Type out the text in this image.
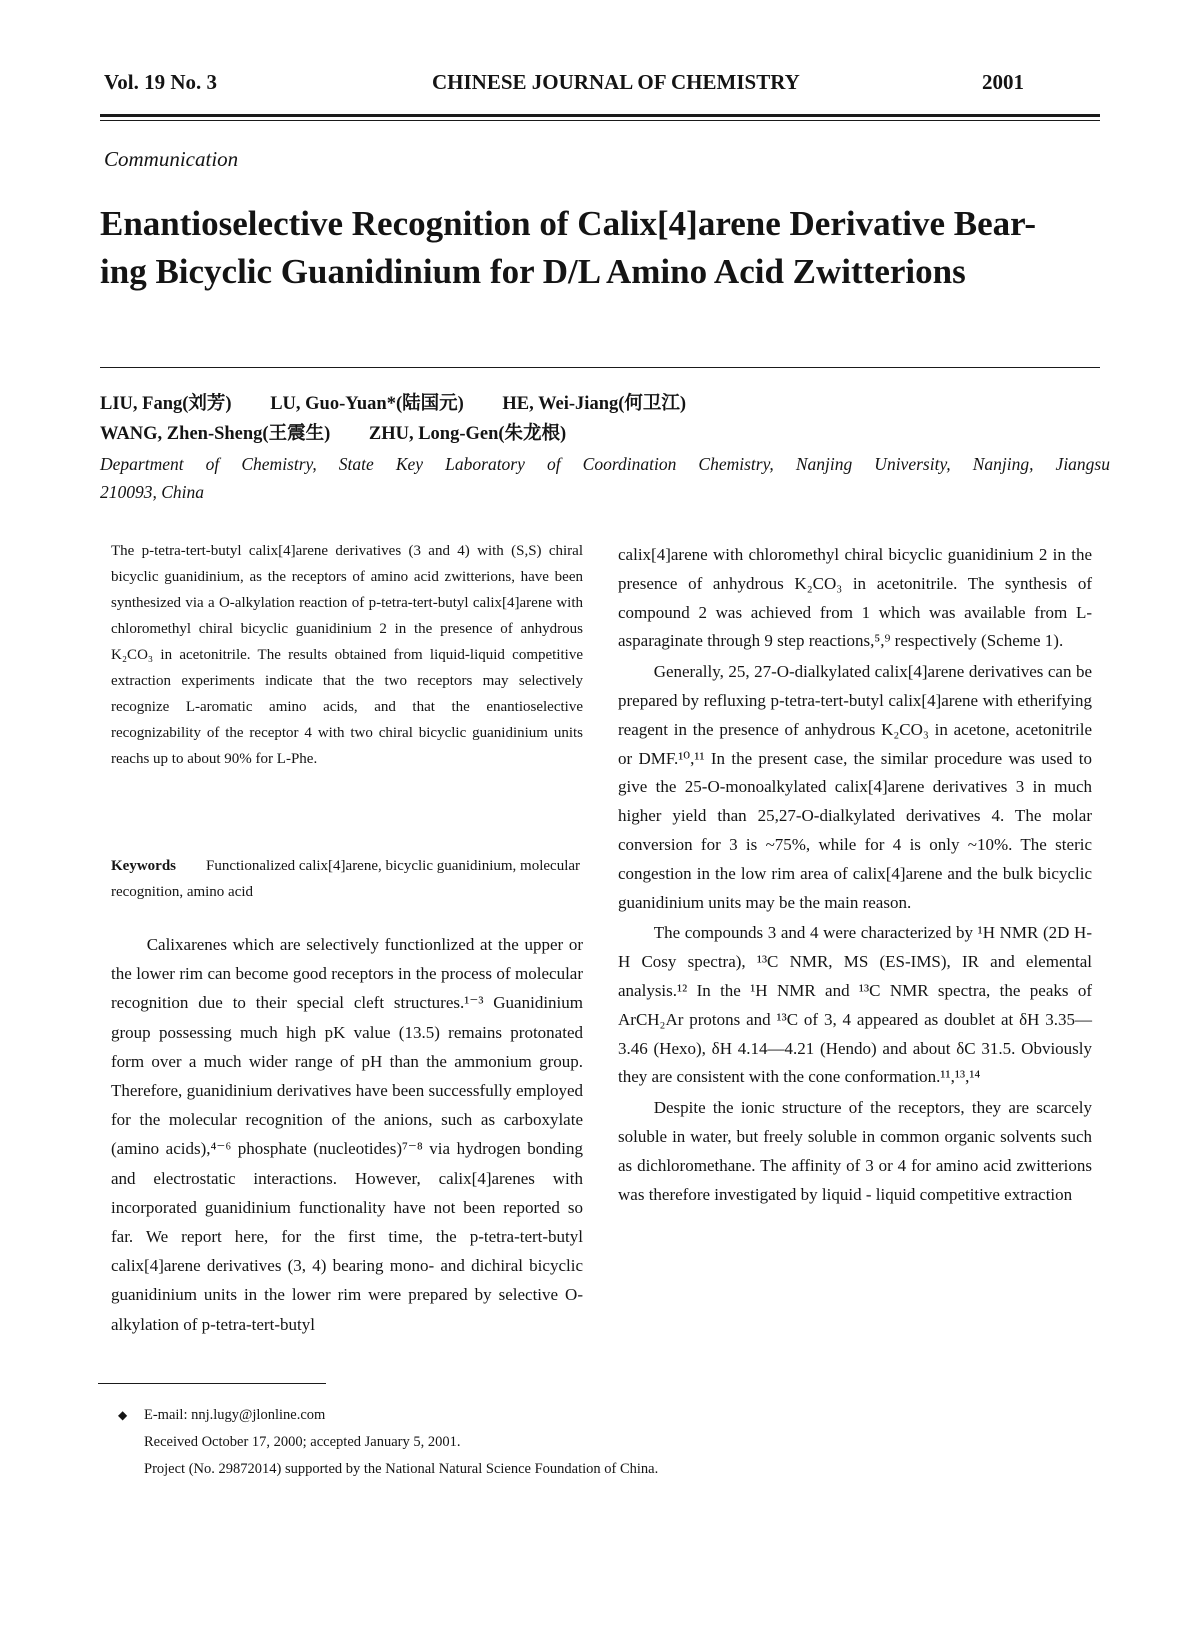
Vol. 19 No. 3	CHINESE JOURNAL OF CHEMISTRY	2001
Communication

Enantioselective Recognition of Calix[4]arene Derivative Bear-

ing Bicyclic Guanidinium for D/L Amino Acid Zwitterions

LIU, Fang(刘芳) LU, Guo-Yuan*(陆国元) HE, Wei-Jiang(何卫江)
WANG, Zhen-Sheng(王震生) ZHU, Long-Gen(朱龙根)

Department of Chemistry, State Key Laboratory of Coordination Chemistry, Nanjing University, Nanjing, Jiangsu

210093, China

The p-tetra-tert-butyl calix[4]arene derivatives (3 and 4) with (S,S) chiral bicyclic guanidinium, as the receptors of amino acid zwitterions, have been synthesized via a O-alkylation reaction of p-tetra-tert-butyl calix[4]arene with chloromethyl chiral bicyclic guanidinium 2 in the presence of anhydrous K₂CO₃ in acetonitrile. The results obtained from liquid-liquid competitive extraction experiments indicate that the two receptors may selectively recognize L-aromatic amino acids, and that the enantioselective recognizability of the receptor 4 with two chiral bicyclic guanidinium units reachs up to about 90% for L-Phe.
Keywords Functionalized calix[4]arene, bicyclic guanidinium, molecular recognition, amino acid

Calixarenes which are selectively functionlized at the upper or the lower rim can become good receptors in the process of molecular recognition due to their special cleft structures.¹⁻³ Guanidinium group possessing much high pK value (13.5) remains protonated form over a much wider range of pH than the ammonium group. Therefore, guanidinium derivatives have been successfully employed for the molecular recognition of the anions, such as carboxylate (amino acids),⁴⁻⁶ phosphate (nucleotides)⁷⁻⁸ via hydrogen bonding and electrostatic interactions. However, calix[4]arenes with incorporated guanidinium functionality have not been reported so far. We report here, for the first time, the p-tetra-tert-butyl calix[4]arene derivatives (3, 4) bearing mono- and dichiral bicyclic guanidinium units in the lower rim were prepared by selective O-alkylation of p-tetra-tert-butyl

calix[4]arene with chloromethyl chiral bicyclic guanidinium 2 in the presence of anhydrous K₂CO₃ in acetonitrile. The synthesis of compound 2 was achieved from 1 which was available from L-asparaginate through 9 step reactions,⁵,⁹ respectively (Scheme 1).

Generally, 25, 27-O-dialkylated calix[4]arene derivatives can be prepared by refluxing p-tetra-tert-butyl calix[4]arene with etherifying reagent in the presence of anhydrous K₂CO₃ in acetone, acetonitrile or DMF.¹⁰,¹¹ In the present case, the similar procedure was used to give the 25-O-monoalkylated calix[4]arene derivatives 3 in much higher yield than 25,27-O-dialkylated derivatives 4. The molar conversion for 3 is ~75%, while for 4 is only ~10%. The steric congestion in the low rim area of calix[4]arene and the bulk bicyclic guanidinium units may be the main reason.

The compounds 3 and 4 were characterized by ¹H NMR (2D H-H Cosy spectra), ¹³C NMR, MS (ES-IMS), IR and elemental analysis.¹² In the ¹H NMR and ¹³C NMR spectra, the peaks of ArCH₂Ar protons and ¹³C of 3, 4 appeared as doublet at δH 3.35—3.46 (Hexo), δH 4.14—4.21 (Hendo) and about δC 31.5. Obviously they are consistent with the cone conformation.¹¹,¹³,¹⁴

Despite the ionic structure of the receptors, they are scarcely soluble in water, but freely soluble in common organic solvents such as dichloromethane. The affinity of 3 or 4 for amino acid zwitterions was therefore investigated by liquid - liquid competitive extraction

◆ E-mail: nnj.lugy@jlonline.com

Received October 17, 2000; accepted January 5, 2001.

Project (No. 29872014) supported by the National Natural Science Foundation of China.
